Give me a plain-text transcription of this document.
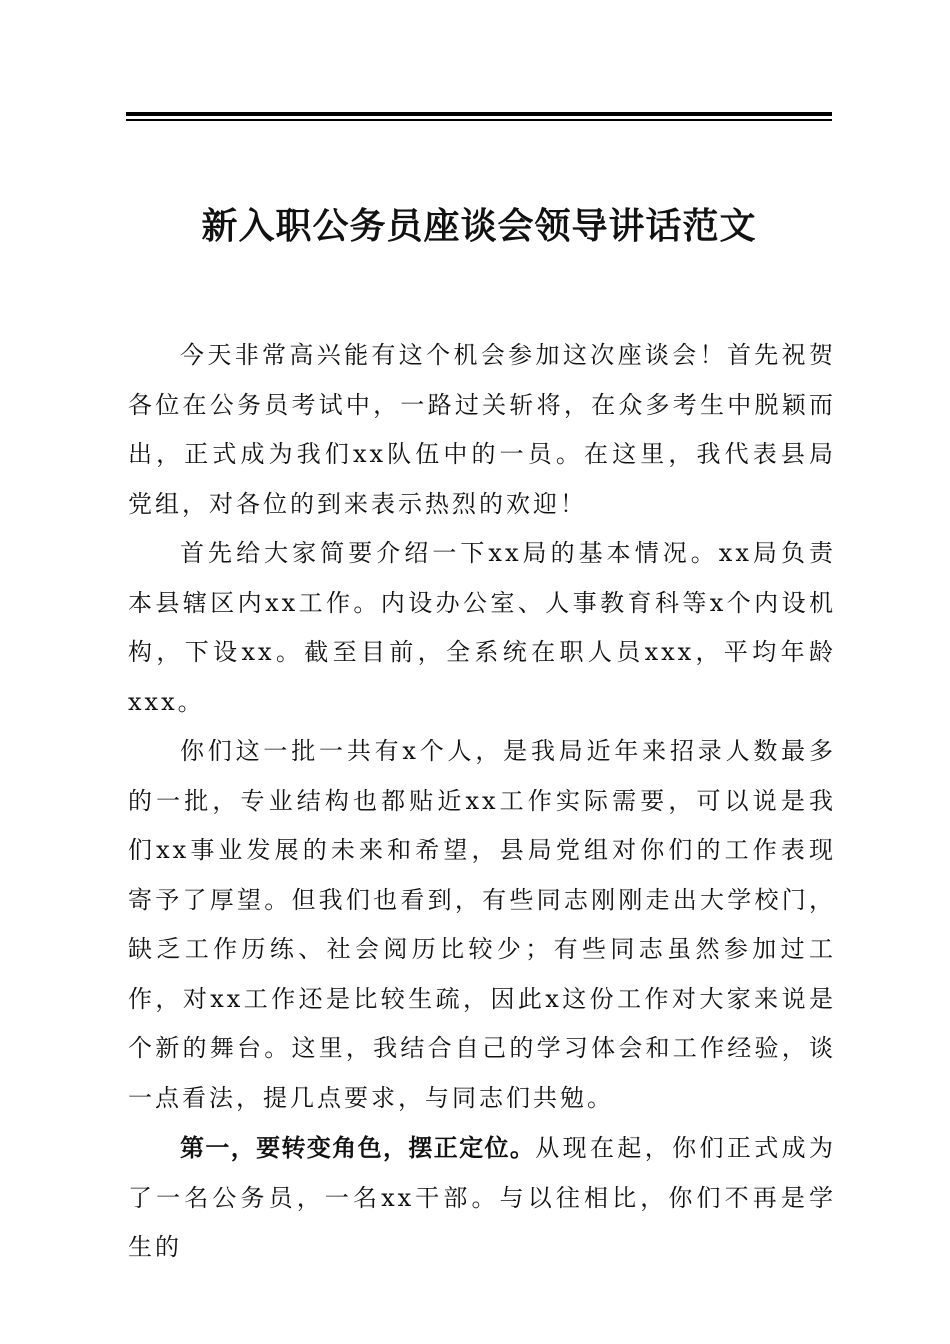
新入职公务员座谈会领导讲话范文

今天非常高兴能有这个机会参加这次座谈会！首先祝贺各位在公务员考试中，一路过关斩将，在众多考生中脱颖而出，正式成为我们xx队伍中的一员。在这里，我代表县局党组，对各位的到来表示热烈的欢迎！

首先给大家简要介绍一下xx局的基本情况。xx局负责本县辖区内xx工作。内设办公室、人事教育科等x个内设机构，下设xx。截至目前，全系统在职人员xxx，平均年龄xxx。

你们这一批一共有x个人，是我局近年来招录人数最多的一批，专业结构也都贴近xx工作实际需要，可以说是我们xx事业发展的未来和希望，县局党组对你们的工作表现寄予了厚望。但我们也看到，有些同志刚刚走出大学校门，缺乏工作历练、社会阅历比较少；有些同志虽然参加过工作，对xx工作还是比较生疏，因此x这份工作对大家来说是个新的舞台。这里，我结合自己的学习体会和工作经验，谈一点看法，提几点要求，与同志们共勉。

第一，要转变角色，摆正定位。从现在起，你们正式成为了一名公务员，一名xx干部。与以往相比，你们不再是学生的
